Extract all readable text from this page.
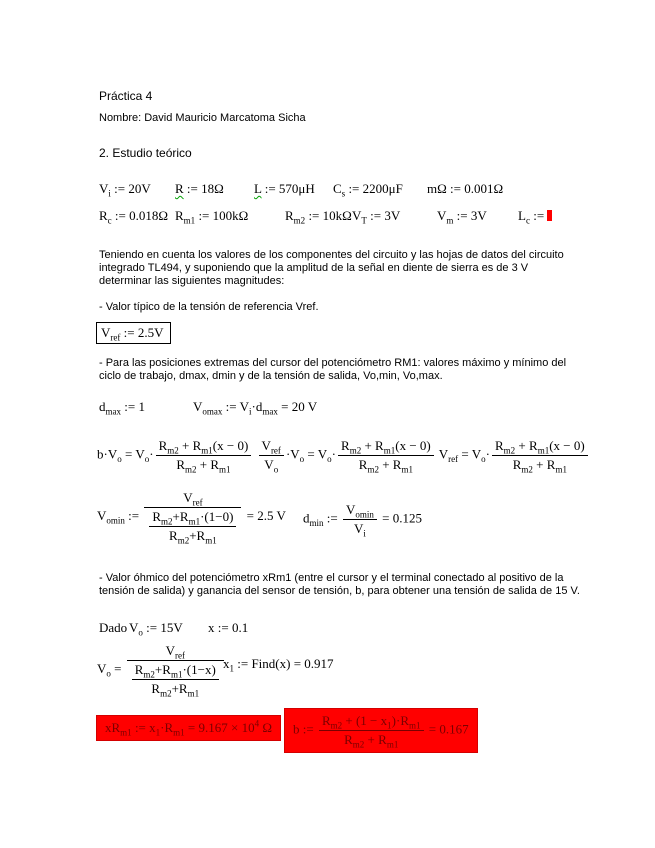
Práctica 4
Nombre: David Mauricio Marcatoma Sicha
2. Estudio teórico
$V_i$ := 20V R := 18Ω L := 570μH $C_s$ := 2200μF mΩ := 0.001Ω
$R_c$ := 0.018Ω $R_{m1}$ := 100kΩ	$R_{m2}$ := 10kΩ $V_T$ := 3V	$V_m$ := 3V $L_c$ :=
Teniendo en cuenta los valores de los componentes del circuito y las hojas de datos del circuito integrado TL494, y suponiendo que la amplitud de la señal en diente de sierra es de 3 V determinar las siguientes magnitudes:
- Valor típico de la tensión de referencia Vref.
$V_{ref}$ := 2.5V
- Para las posiciones extremas del cursor del potenciómetro RM1: valores máximo y mínimo del ciclo de trabajo, dmax, dmin y de la tensión de salida, Vo,min, Vo,max.
$d_{max}$ := 1	$V_{omax}$ := $V_i\cdot d_{max} = 20$ V
$b\cdot V_o = V_o\cdot \frac{R_{m2} + R_{m1}(x - 0)}{R_{m2} + R_{m1}}$
$\frac{V_{ref}}{V_o} \cdot V_o = V_o\cdot \frac{R_{m2} + R_{m1}(x - 0)}{R_{m2} + R_{m1}} V_{ref} = V_o\cdot \frac{R_{m2} + R_{m1}(x - 0)}{R_{m2} + R_{m1}}$
$V_{omin}$ := $\frac{V_{ref}}{\frac{R_{m2}+R_{m1}\cdot(1-0)}{R_{m2}+R_{m1}}} = 2.5$ V $d_{min}$ := $\frac{V_{omin}}{V_i} = 0.125$
- Valor óhmico del potenciómetro xRm1 (entre el cursor y el terminal conectado al positivo de la tensión de salida) y ganancia del sensor de tensión, b, para obtener una tensión de salida de 15 V.
Dado $V_o$ := 15V x := 0.1
$V_o = \frac{V_{ref}}{\frac{R_{m2}+R_{m1}\cdot(1-x)}{R_{m2}+R_{m1}}} x_1$ := Find(x) = 0.917
$xR_{m1}$ := $x_1\cdot R_{m1} = 9.167 \times 10^4$ Ω	b := $\frac{R_{m2} + (1 - x_1)\cdot R_{m1}}{R_{m2} + R_{m1}} = 0.167$
